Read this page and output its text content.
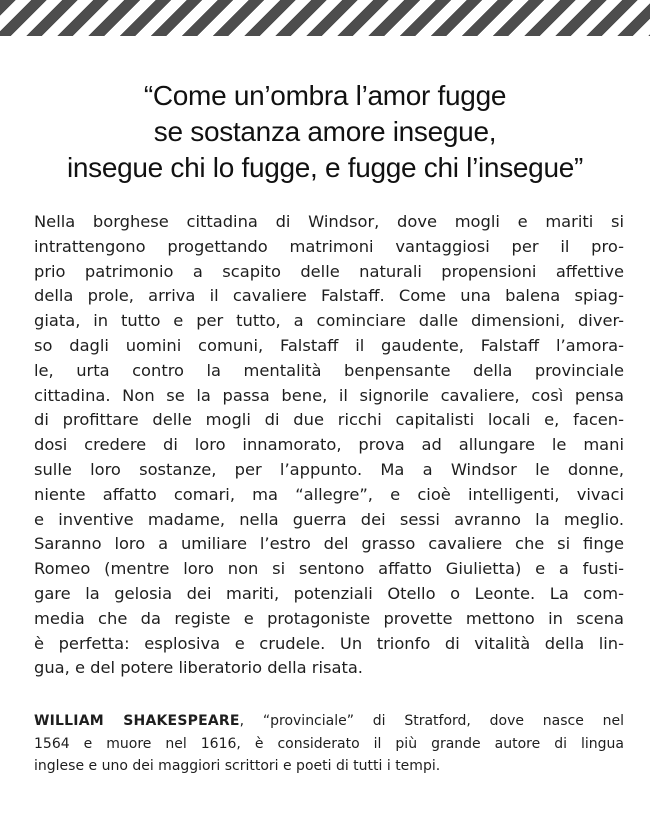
“Come un’ombra l’amor fugge
se sostanza amore insegue,
insegue chi lo fugge, e fugge chi l’insegue”
Nella borghese cittadina di Windsor, dove mogli e mariti si
intrattengono progettando matrimoni vantaggiosi per il pro-
prio patrimonio a scapito delle naturali propensioni affettive
della prole, arriva il cavaliere Falstaff. Come una balena spiag-
giata, in tutto e per tutto, a cominciare dalle dimensioni, diver-
so dagli uomini comuni, Falstaff il gaudente, Falstaff l’amora-
le, urta contro la mentalità benpensante della provinciale
cittadina. Non se la passa bene, il signorile cavaliere, così pensa
di profittare delle mogli di due ricchi capitalisti locali e, facen-
dosi credere di loro innamorato, prova ad allungare le mani
sulle loro sostanze, per l’appunto. Ma a Windsor le donne,
niente affatto comari, ma “allegre”, e cioè intelligenti, vivaci
e inventive madame, nella guerra dei sessi avranno la meglio.
Saranno loro a umiliare l’estro del grasso cavaliere che si finge
Romeo (mentre loro non si sentono affatto Giulietta) e a fusti-
gare la gelosia dei mariti, potenziali Otello o Leonte. La com-
media che da registe e protagoniste provette mettono in scena
è perfetta: esplosiva e crudele. Un trionfo di vitalità della lin-
gua, e del potere liberatorio della risata.
WILLIAM SHAKESPEARE, “provinciale” di Stratford, dove nasce nel
1564 e muore nel 1616, è considerato il più grande autore di lingua
inglese e uno dei maggiori scrittori e poeti di tutti i tempi.
